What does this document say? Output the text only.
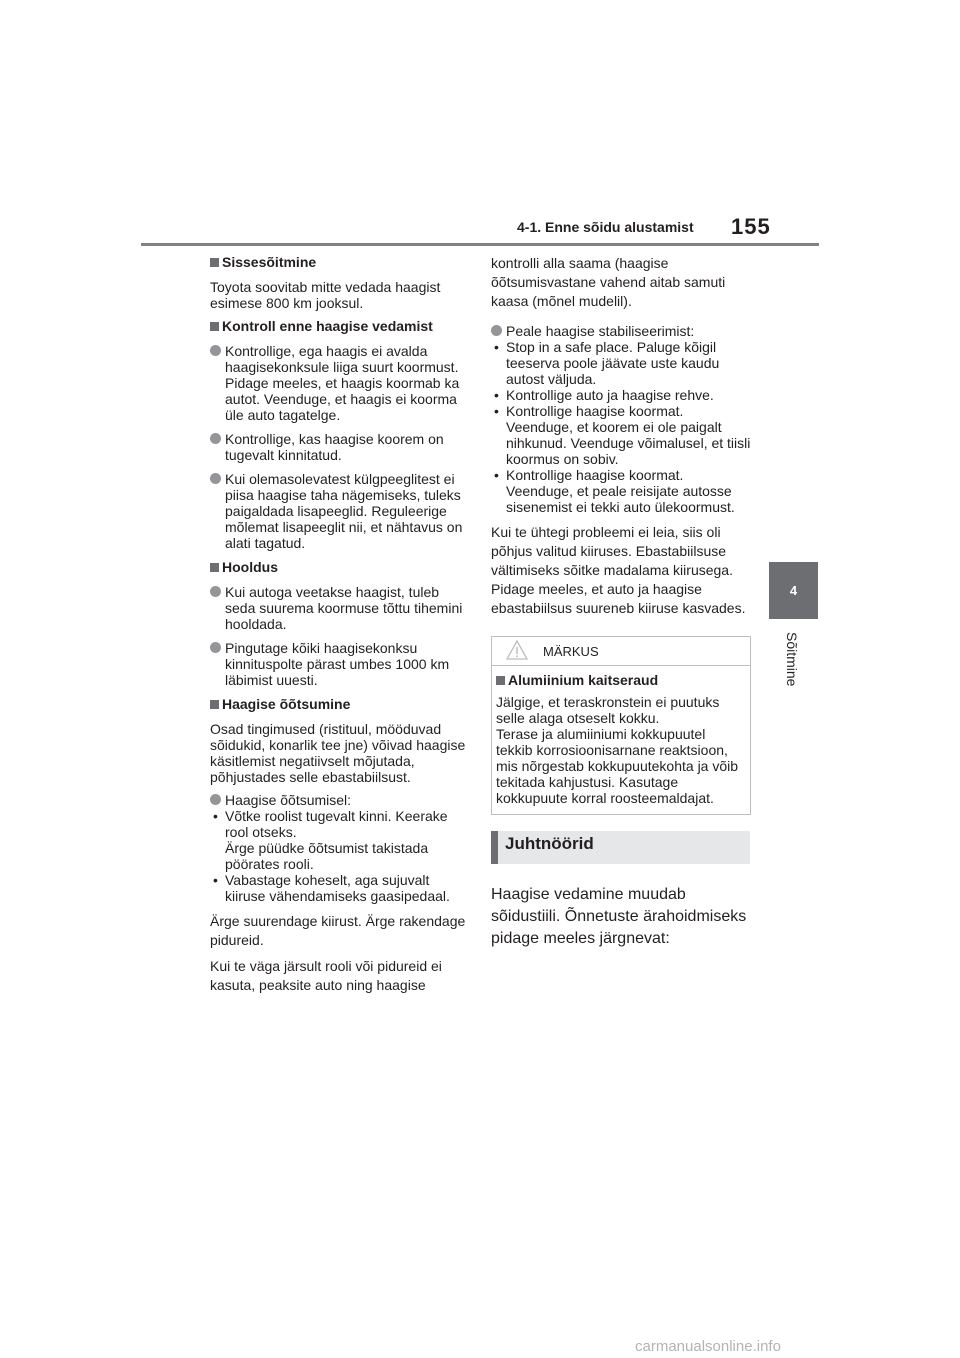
4-1. Enne sõidu alustamist 155
4
Sõitmine
Sissesõitmine
Toyota soovitab mitte vedada haagist esimese 800 km jooksul.
Kontroll enne haagise vedamist
Kontrollige, ega haagis ei avalda haagisekonksule liiga suurt koormust. Pidage meeles, et haagis koormab ka autot. Veenduge, et haagis ei koorma üle auto tagatelge.
Kontrollige, kas haagise koorem on tugevalt kinnitatud.
Kui olemasolevatest külgpeeglitest ei piisa haagise taha nägemiseks, tuleks paigaldada lisapeeglid. Reguleerige mõlemat lisapeeglit nii, et nähtavus on alati tagatud.
Hooldus
Kui autoga veetakse haagist, tuleb seda suurema koormuse tõttu tihemini hooldada.
Pingutage kõiki haagisekonksu kinnituspolte pärast umbes 1000 km läbimist uuesti.
Haagise õõtsumine
Osad tingimused (ristituul, mööduvad sõidukid, konarlik tee jne) võivad haagise käsitlemist negatiivselt mõjutada, põhjustades selle ebastabiilsust.
Haagise õõtsumisel:
• Võtke roolist tugevalt kinni. Keerake rool otseks.
Ärge püüdke õõtsumist takistada pöörates rooli.
• Vabastage koheselt, aga sujuvalt kiiruse vähendamiseks gaasipedaal.
Ärge suurendage kiirust. Ärge rakendage pidureid.
Kui te väga järsult rooli või pidureid ei kasuta, peaksite auto ning haagise
kontrolli alla saama (haagise õõtsumisvastane vahend aitab samuti kaasa (mõnel mudelil).
Peale haagise stabiliseerimist:
• Stop in a safe place. Paluge kõigil teeserva poole jäävate uste kaudu autost väljuda.
• Kontrollige auto ja haagise rehve.
• Kontrollige haagise koormat. Veenduge, et koorem ei ole paigalt nihkunud. Veenduge võimalusel, et tiisli koormus on sobiv.
• Kontrollige haagise koormat. Veenduge, et peale reisijate autosse sisenemist ei tekki auto ülekoormust.
Kui te ühtegi probleemi ei leia, siis oli põhjus valitud kiiruses. Ebastabiilsuse vältimiseks sõitke madalama kiirusega. Pidage meeles, et auto ja haagise ebastabiilsus suureneb kiiruse kasvades.
MÄRKUS
Alumiinium kaitseraud
Jälgige, et teraskronstein ei puutuks selle alaga otseselt kokku.
Terase ja alumiiniumi kokkupuutel tekkib korrosioonisarnane reaktsioon, mis nõrgestab kokkupuutekohta ja võib tekitada kahjustusi. Kasutage kokkupuute korral roosteemaldajat.
Juhtnöörid
Haagise vedamine muudab sõidustiili. Õnnetuste ärahoidmiseks pidage meeles järgnevat:
carmanualsonline.info
